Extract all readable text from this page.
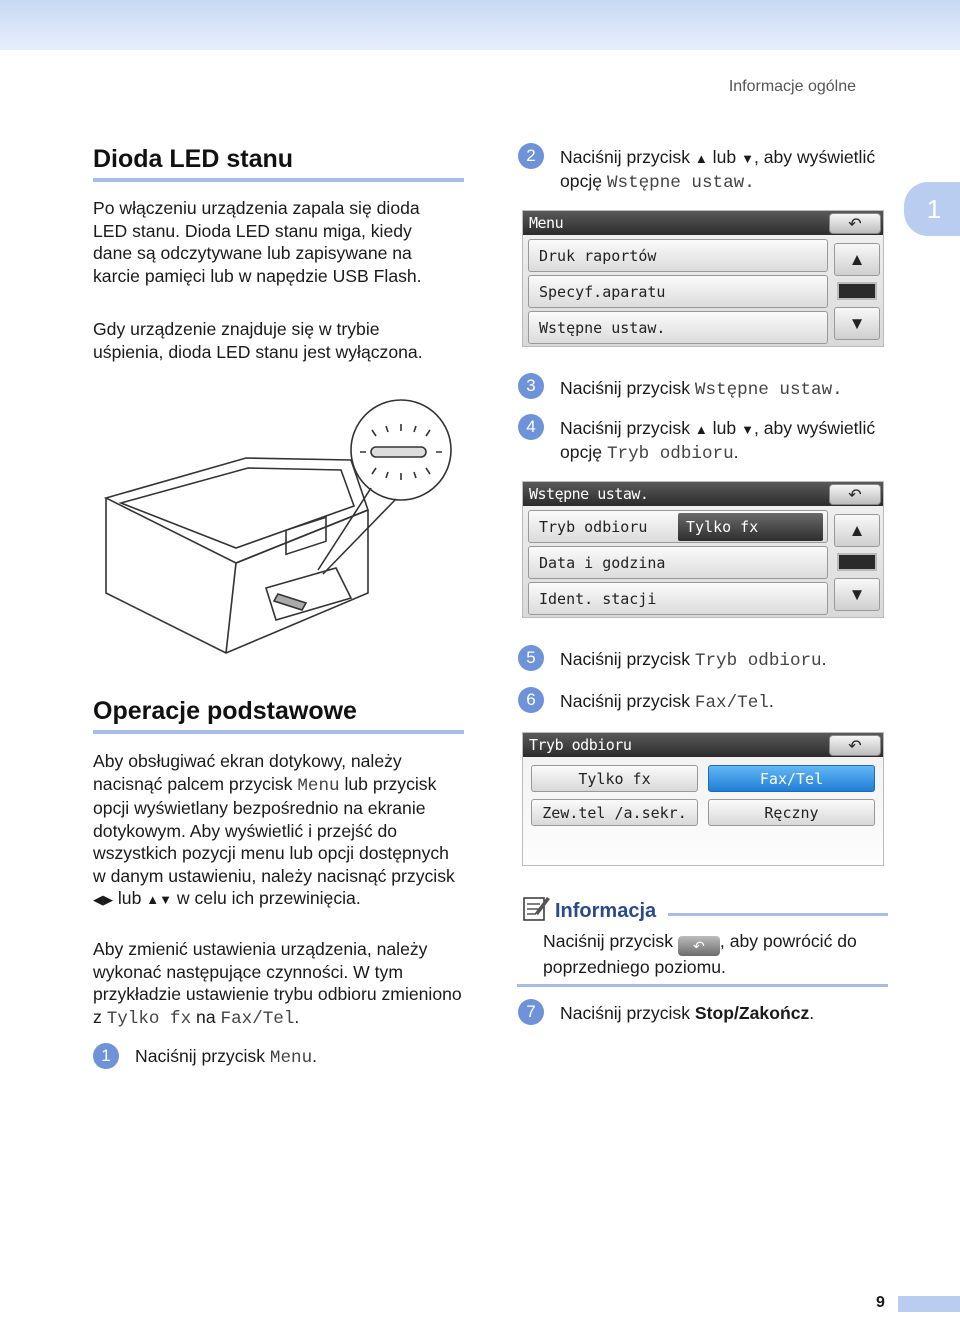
Informacje ogólne
1
Dioda LED stanu
Po włączeniu urządzenia zapala się dioda LED stanu. Dioda LED stanu miga, kiedy dane są odczytywane lub zapisywane na karcie pamięci lub w napędzie USB Flash.
Gdy urządzenie znajduje się w trybie uśpienia, dioda LED stanu jest wyłączona.
Operacje podstawowe
Aby obsługiwać ekran dotykowy, należy nacisnąć palcem przycisk Menu lub przycisk opcji wyświetlany bezpośrednio na ekranie dotykowym. Aby wyświetlić i przejść do wszystkich pozycji menu lub opcji dostępnych w danym ustawieniu, należy nacisnąć przycisk ◀▶ lub ▲▼ w celu ich przewinięcia.
Aby zmienić ustawienia urządzenia, należy wykonać następujące czynności. W tym przykładzie ustawienie trybu odbioru zmieniono z Tylko fx na Fax/Tel.
1	Naciśnij przycisk Menu.
2	Naciśnij przycisk ▲ lub ▼, aby wyświetlić opcję Wstępne ustaw.
Menu	↶
Druk raportów
Specyf.aparatu
Wstępne ustaw.
▲
▼
3	Naciśnij przycisk Wstępne ustaw.
4	Naciśnij przycisk ▲ lub ▼, aby wyświetlić opcję Tryb odbioru.
Wstępne ustaw.	↶
Tryb odbioru	Tylko fx
Data i godzina
Ident. stacji
▲
▼
5	Naciśnij przycisk Tryb odbioru.
6	Naciśnij przycisk Fax/Tel.
Tryb odbioru	↶
Tylko fx	Fax/Tel
Zew.tel /a.sekr.	Ręczny
Informacja
Naciśnij przycisk ↶ , aby powrócić do poprzedniego poziomu.
7	Naciśnij przycisk Stop/Zakończ.
9
